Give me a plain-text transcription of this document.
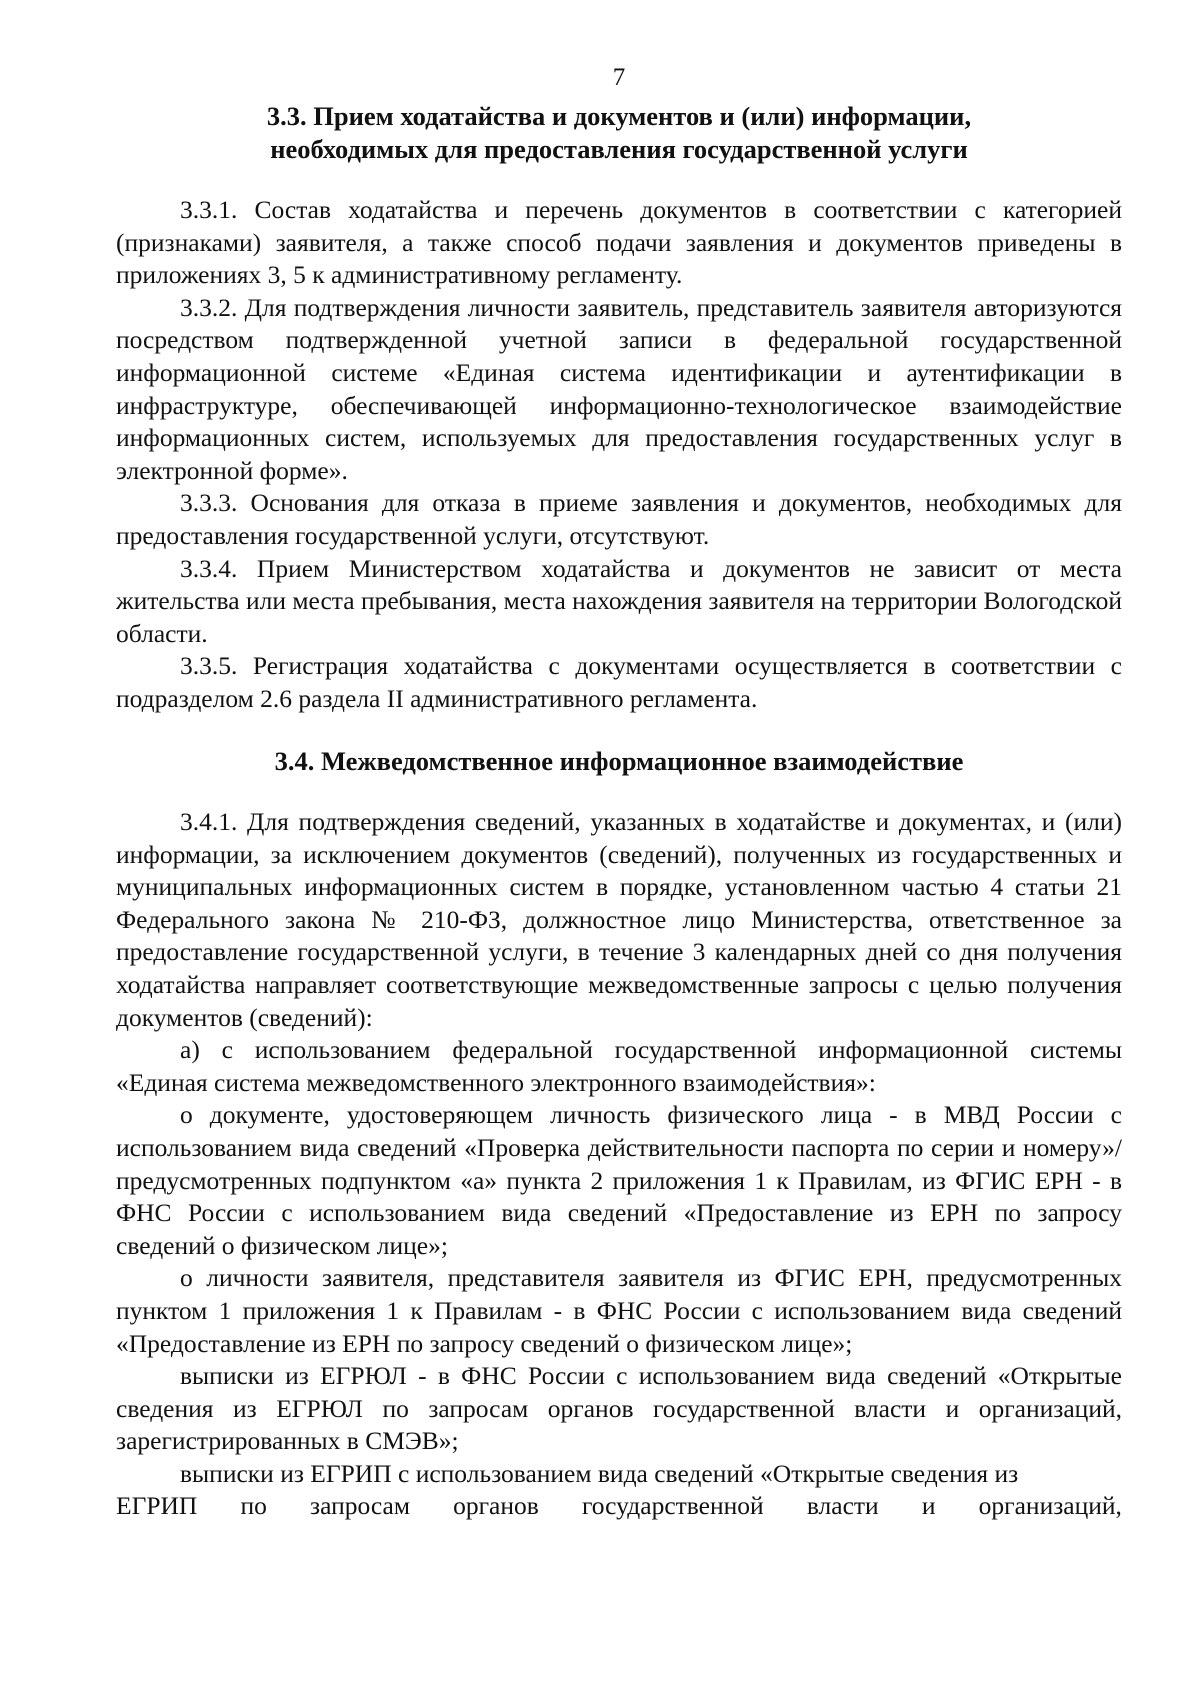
7
3.3. Прием ходатайства и документов и (или) информации,
необходимых для предоставления государственной услуги

3.3.1. Состав ходатайства и перечень документов в соответствии с категорией (признаками) заявителя, а также способ подачи заявления и документов приведены в приложениях 3, 5 к административному регламенту.

3.3.2. Для подтверждения личности заявитель, представитель заявителя авторизуются посредством подтвержденной учетной записи в федеральной государственной информационной системе «Единая система идентификации и аутентификации в инфраструктуре, обеспечивающей информационно-технологическое взаимодействие информационных систем, используемых для предоставления государственных услуг в электронной форме».

3.3.3. Основания для отказа в приеме заявления и документов, необходимых для предоставления государственной услуги, отсутствуют.

3.3.4. Прием Министерством ходатайства и документов не зависит от места жительства или места пребывания, места нахождения заявителя на территории Вологодской области.

3.3.5. Регистрация ходатайства с документами осуществляется в соответствии с подразделом 2.6 раздела II административного регламента.

3.4. Межведомственное информационное взаимодействие

3.4.1. Для подтверждения сведений, указанных в ходатайстве и документах, и (или) информации, за исключением документов (сведений), полученных из государственных и муниципальных информационных систем в порядке, установленном частью 4 статьи 21 Федерального закона № 210-ФЗ, должностное лицо Министерства, ответственное за предоставление государственной услуги, в течение 3 календарных дней со дня получения ходатайства направляет соответствующие межведомственные запросы с целью получения документов (сведений):

а) с использованием федеральной государственной информационной системы «Единая система межведомственного электронного взаимодействия»:

о документе, удостоверяющем личность физического лица - в МВД России с использованием вида сведений «Проверка действительности паспорта по серии и номеру»/предусмотренных подпунктом «а» пункта 2 приложения 1 к Правилам, из ФГИС ЕРН - в ФНС России с использованием вида сведений «Предоставление из ЕРН по запросу сведений о физическом лице»;

о личности заявителя, представителя заявителя из ФГИС ЕРН, предусмотренных пунктом 1 приложения 1 к Правилам - в ФНС России с использованием вида сведений «Предоставление из ЕРН по запросу сведений о физическом лице»;

выписки из ЕГРЮЛ - в ФНС России с использованием вида сведений «Открытые сведения из ЕГРЮЛ по запросам органов государственной власти и организаций, зарегистрированных в СМЭВ»;

выписки из ЕГРИП с использованием вида сведений «Открытые сведения из

ЕГРИП по запросам органов государственной власти и организаций,
